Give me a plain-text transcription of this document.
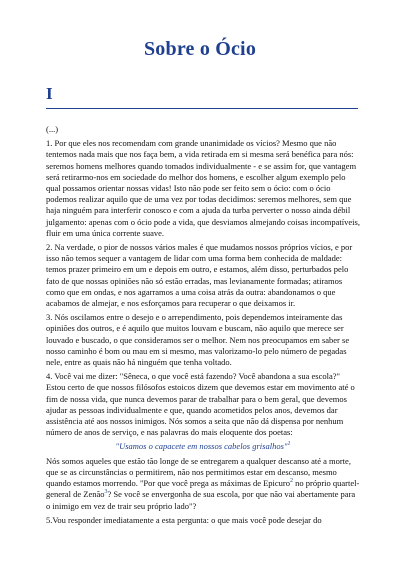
Sobre o Ócio
I

(...)

1. Por que eles nos recomendam com grande unanimidade os vícios? Mesmo que não tentemos nada mais que nos faça bem, a vida retirada em si mesma será benéfica para nós: seremos homens melhores quando tomados individualmente - e se assim for, que vantagem será retirarmo-nos em sociedade do melhor dos homens, e escolher algum exemplo pelo qual possamos orientar nossas vidas! Isto não pode ser feito sem o ócio: com o ócio podemos realizar aquilo que de uma vez por todas decidimos: seremos melhores, sem que haja ninguém para interferir conosco e com a ajuda da turba perverter o nosso ainda débil julgamento: apenas com o ócio pode a vida, que desviamos almejando coisas incompatíveis, fluir em uma única corrente suave.

2. Na verdade, o pior de nossos vários males é que mudamos nossos próprios vícios, e por isso não temos sequer a vantagem de lidar com uma forma bem conhecida de maldade: temos prazer primeiro em um e depois em outro, e estamos, além disso, perturbados pelo fato de que nossas opiniões não só estão erradas, mas levianamente formadas; atiramos como que em ondas, e nos agarramos a uma coisa atrás da outra: abandonamos o que acabamos de almejar, e nos esforçamos para recuperar o que deixamos ir.

3. Nós oscilamos entre o desejo e o arrependimento, pois dependemos inteiramente das opiniões dos outros, e é aquilo que muitos louvam e buscam, não aquilo que merece ser louvado e buscado, o que consideramos ser o melhor. Nem nos preocupamos em saber se nosso caminho é bom ou mau em si mesmo, mas valorizamo-lo pelo número de pegadas nele, entre as quais não há ninguém que tenha voltado.

4. Você vai me dizer: "Sêneca, o que você está fazendo? Você abandona a sua escola?" Estou certo de que nossos filósofos estoicos dizem que devemos estar em movimento até o fim de nossa vida, que nunca devemos parar de trabalhar para o bem geral, que devemos ajudar as pessoas individualmente e que, quando acometidos pelos anos, devemos dar assistência até aos nossos inimigos. Nós somos a seita que não dá dispensa por nenhum número de anos de serviço, e nas palavras do mais eloquente dos poetas:

"Usamos o capacete em nossos cabelos grisalhos"$^1$

Nós somos aqueles que estão tão longe de se entregarem a qualquer descanso até a morte, que se as circunstâncias o permitirem, não nos permitimos estar em descanso, mesmo quando estamos morrendo. "Por que você prega as máximas de Epicuro$^2$ no próprio quartel-general de Zenão$^3$? Se você se envergonha de sua escola, por que não vai abertamente para o inimigo em vez de trair seu próprio lado"?

5.Vou responder imediatamente a esta pergunta: o que mais você pode desejar do
